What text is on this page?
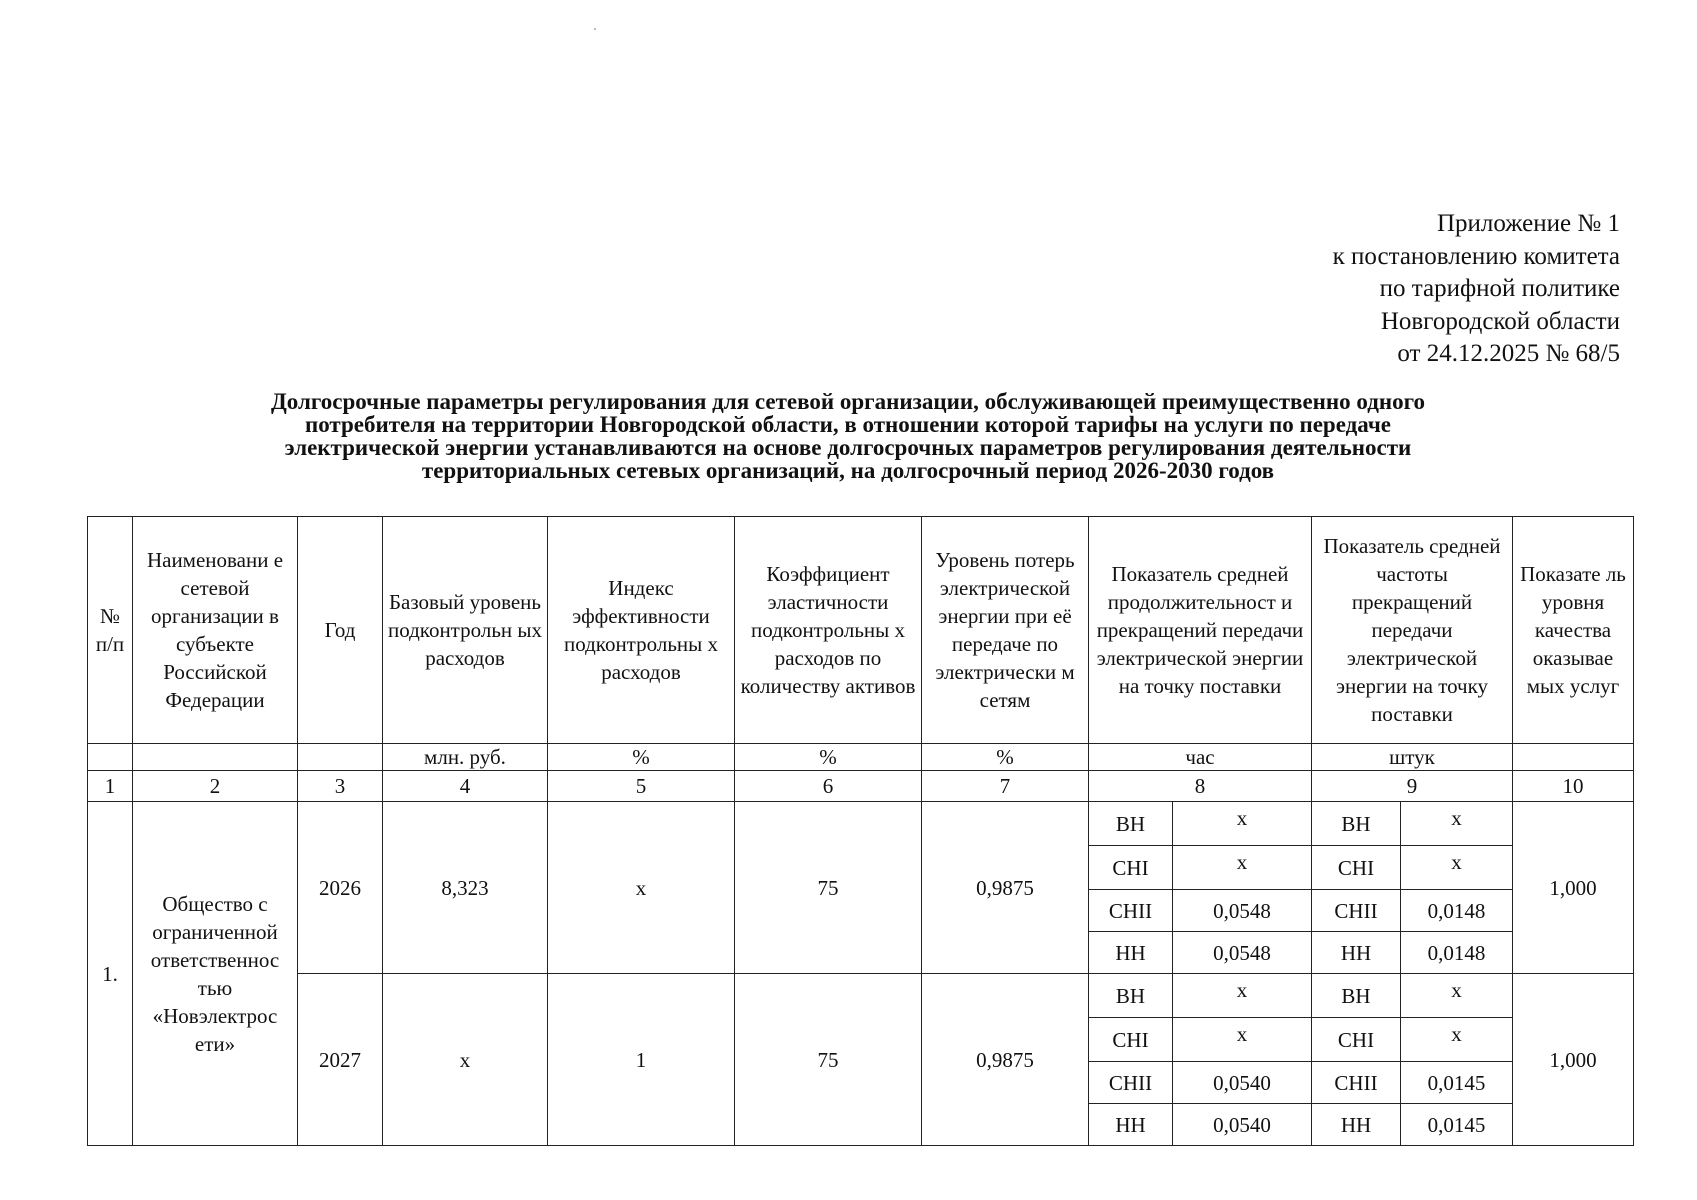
Приложение № 1
к постановлению комитета
по тарифной политике
Новгородской области
от 24.12.2025 № 68/5
Долгосрочные параметры регулирования для сетевой организации, обслуживающей преимущественно одного
потребителя на территории Новгородской области, в отношении которой тарифы на услуги по передаче
электрической энергии устанавливаются на основе долгосрочных параметров регулирования деятельности
территориальных сетевых организаций, на долгосрочный период 2026-2030 годов
№ п/п	Наименовани е сетевой организации в субъекте Российской Федерации	Год	Базовый уровень подконтрольн ых расходов	Индекс эффективности подконтрольны х расходов	Коэффициент эластичности подконтрольны х расходов по количеству активов	Уровень потерь электрической энергии при её передаче по электрически м сетям	Показатель средней продолжительност и прекращений передачи электрической энергии на точку поставки		Показатель средней частоты прекращений передачи электрической энергии на точку поставки		Показате ль уровня качества оказывае мых услуг
			млн. руб.	%	%	%	час		штук		
1	2	3	4	5	6	7	8		9		10
1.	Общество с ограниченной ответственнос тью «Новэлектрос ети»	2026	8,323	x	75	0,9875	ВН	x	ВН	x	1,000
							СНI	x	СНI	x	
							СНII	0,0548	СНII	0,0148	
							НН	0,0548	НН	0,0148	
		2027	x	1	75	0,9875	ВН	x	ВН	x	1,000
							СНI	x	СНI	x	
							СНII	0,0540	СНII	0,0145	
							НН	0,0540	НН	0,0145	
